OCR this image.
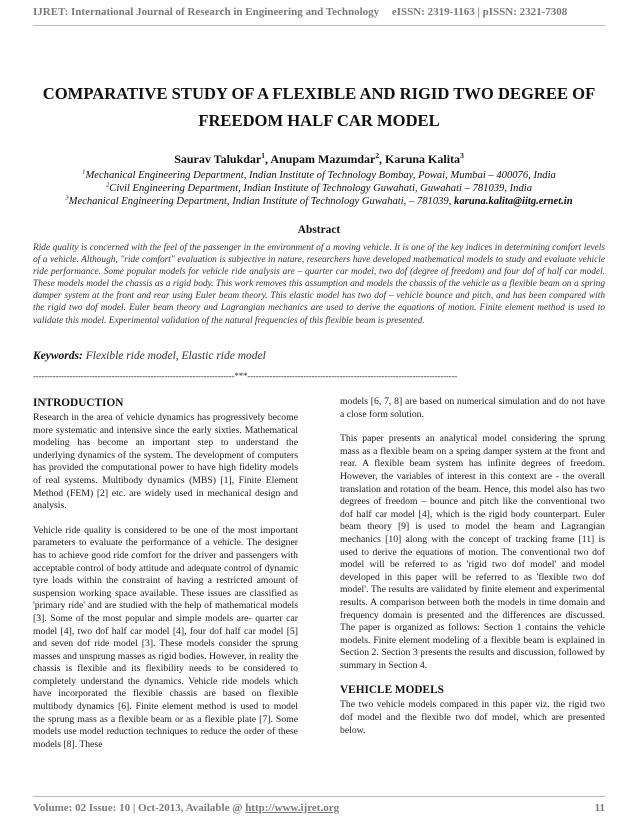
IJRET: International Journal of Research in Engineering and Technology eISSN: 2319-1163 | pISSN: 2321-7308
COMPARATIVE STUDY OF A FLEXIBLE AND RIGID TWO DEGREE OF
FREEDOM HALF CAR MODEL
Saurav Talukdar$^1$, Anupam Mazumdar$^2$, Karuna Kalita$^3$
$^1$Mechanical Engineering Department, Indian Institute of Technology Bombay, Powai, Mumbai – 400076, India
$^2$Civil Engineering Department, Indian Institute of Technology Guwahati, Guwahati – 781039, India
$^3$Mechanical Engineering Department, Indian Institute of Technology Guwahati, – 781039, karuna.kalita@iitg.ernet.in
Abstract
Ride quality is concerned with the feel of the passenger in the environment of a moving vehicle. It is one of the key indices in determining comfort levels of a vehicle. Although, "ride comfort" evaluation is subjective in nature, researchers have developed mathematical models to study and evaluate vehicle ride performance. Some popular models for vehicle ride analysis are – quarter car model, two dof (degree of freedom) and four dof of half car model. These models model the chassis as a rigid body. This work removes this assumption and models the chassis of the vehicle as a flexible beam on a spring damper system at the front and rear using Euler beam theory. This elastic model has two dof – vehicle bounce and pitch, and has been compared with the rigid two dof model. Euler beam theory and Lagrangian mechanics are used to derive the equations of motion. Finite element method is used to validate this model. Experimental validation of the natural frequencies of this flexible beam is presented.
Keywords: Flexible ride model, Elastic ride model
------------------------------------------------------------------------***---------------------------------------------------------------------------
INTRODUCTION

Research in the area of vehicle dynamics has progressively become more systematic and intensive since the early sixties. Mathematical modeling has become an important step to understand the underlying dynamics of the system. The development of computers has provided the computational power to have high fidelity models of real systems. Multibody dynamics (MBS) [1], Finite Element Method (FEM) [2] etc. are widely used in mechanical design and analysis.

Vehicle ride quality is considered to be one of the most important parameters to evaluate the performance of a vehicle. The designer has to achieve good ride comfort for the driver and passengers with acceptable control of body attitude and adequate control of dynamic tyre loads within the constraint of having a restricted amount of suspension working space available. These issues are classified as 'primary ride' and are studied with the help of mathematical models [3]. Some of the most popular and simple models are- quarter car model [4], two dof half car model [4], four dof half car model [5] and seven dof ride model [3]. These models consider the sprung masses and unsprung masses as rigid bodies. However, in reality the chassis is flexible and its flexibility needs to be considered to completely understand the dynamics. Vehicle ride models which have incorporated the flexible chassis are based on flexible multibody dynamics [6]. Finite element method is used to model the sprung mass as a flexible beam or as a flexible plate [7]. Some models use model reduction techniques to reduce the order of these models [8]. These

models [6, 7, 8] are based on numerical simulation and do not have a close form solution.

This paper presents an analytical model considering the sprung mass as a flexible beam on a spring damper system at the front and rear. A flexible beam system has infinite degrees of freedom. However, the variables of interest in this context are - the overall translation and rotation of the beam. Hence, this model also has two degrees of freedom – bounce and pitch like the conventional two dof half car model [4], which is the rigid body counterpart. Euler beam theory [9] is used to model the beam and Lagrangian mechanics [10] along with the concept of tracking frame [11] is used to derive the equations of motion. The conventional two dof model will be referred to as 'rigid two dof model' and model developed in this paper will be referred to as 'flexible two dof model'. The results are validated by finite element and experimental results. A comparison between both the models in time domain and frequency domain is presented and the differences are discussed. The paper is organized as follows: Section 1 contains the vehicle models. Finite element modeling of a flexible beam is explained in Section 2. Section 3 presents the results and discussion, followed by summary in Section 4.

VEHICLE MODELS

The two vehicle models compared in this paper viz. the rigid two dof model and the flexible two dof model, which are presented below.

Volume: 02 Issue: 10 | Oct-2013, Available @ http://www.ijret.org	11
